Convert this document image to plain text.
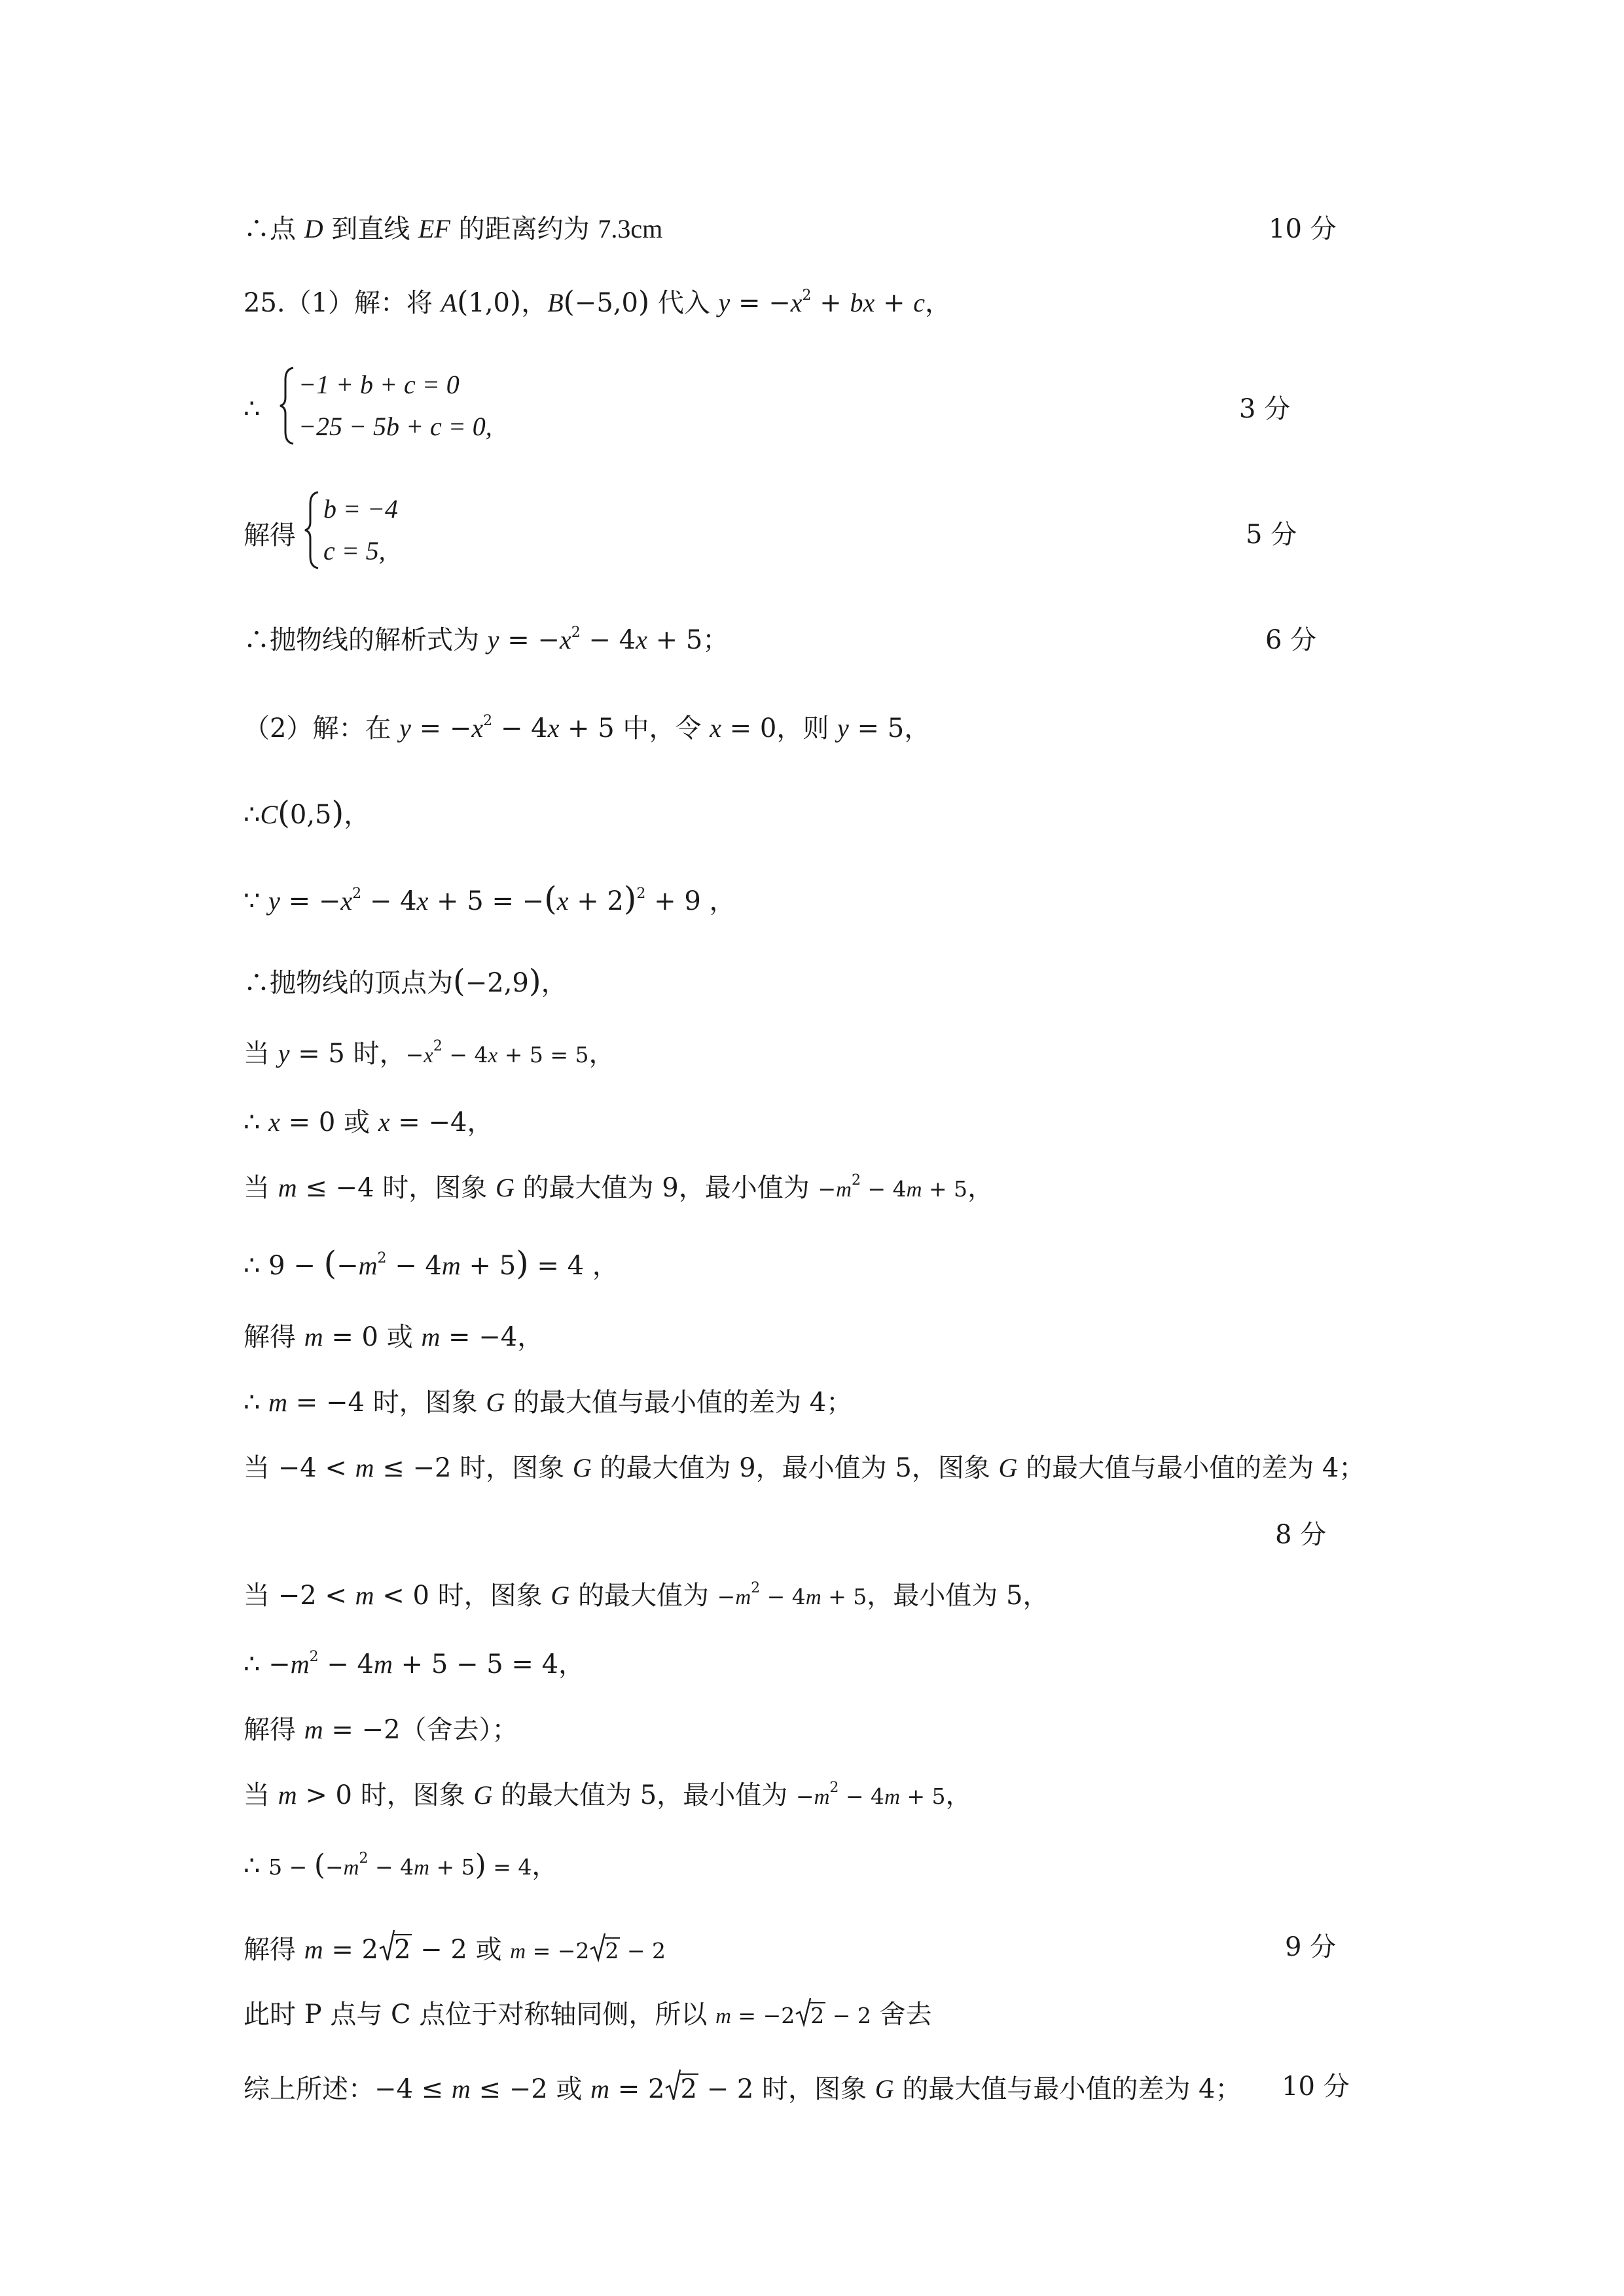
∴点 D 到直线 EF 的距离约为 7.3cm	10 分
25.（1）解：将 A(1,0)，B(−5,0) 代入 $y = -x^2$ + bx + c，
∴
−1 + b + c = 0
−25 − 5b + c = 0,
3 分
解得
b = −4
c = 5,
5 分
∴抛物线的解析式为 $y = -x^2 - 4x + 5$；	6 分
（2）解：在 $y = -x^2 - 4x + 5$ 中，令 x = 0，则 y = 5，
∴C(0,5)，
∵ $y = -x^2 - 4x + 5 = -(x + 2)^2 + 9$ ，
∴抛物线的顶点为(−2,9)，
当 y = 5 时，$-x^2 - 4x + 5 = 5$，
∴ x = 0 或 x = −4，
当 m ≤ −4 时，图象 G 的最大值为 9，最小值为 $-m^2 - 4m + 5$，
∴ $9 - (-m^2 - 4m + 5) = 4$ ，
解得 m = 0 或 m = −4，
∴ m = −4 时，图象 G 的最大值与最小值的差为 4；
当 −4 < m ≤ −2 时，图象 G 的最大值为 9，最小值为 5，图象 G 的最大值与最小值的差为 4；
8 分
当 −2 < m < 0 时，图象 G 的最大值为 $-m^2 - 4m + 5$，最小值为 5，
∴ $-m^2 - 4m + 5 - 5 = 4$，
解得 m = −2（舍去）；
当 m > 0 时，图象 G 的最大值为 5，最小值为 $-m^2 - 4m + 5$，
∴ $5 - (-m^2 - 4m + 5) = 4$，
解得 m = 2 2 − 2 或 m = −2 2 − 2	9 分
此时 P 点与 C 点位于对称轴同侧，所以 m = −2 2 − 2 舍去
综上所述：−4 ≤ m ≤ −2 或 m = 2 2 − 2 时，图象 G 的最大值与最小值的差为 4； 10 分
